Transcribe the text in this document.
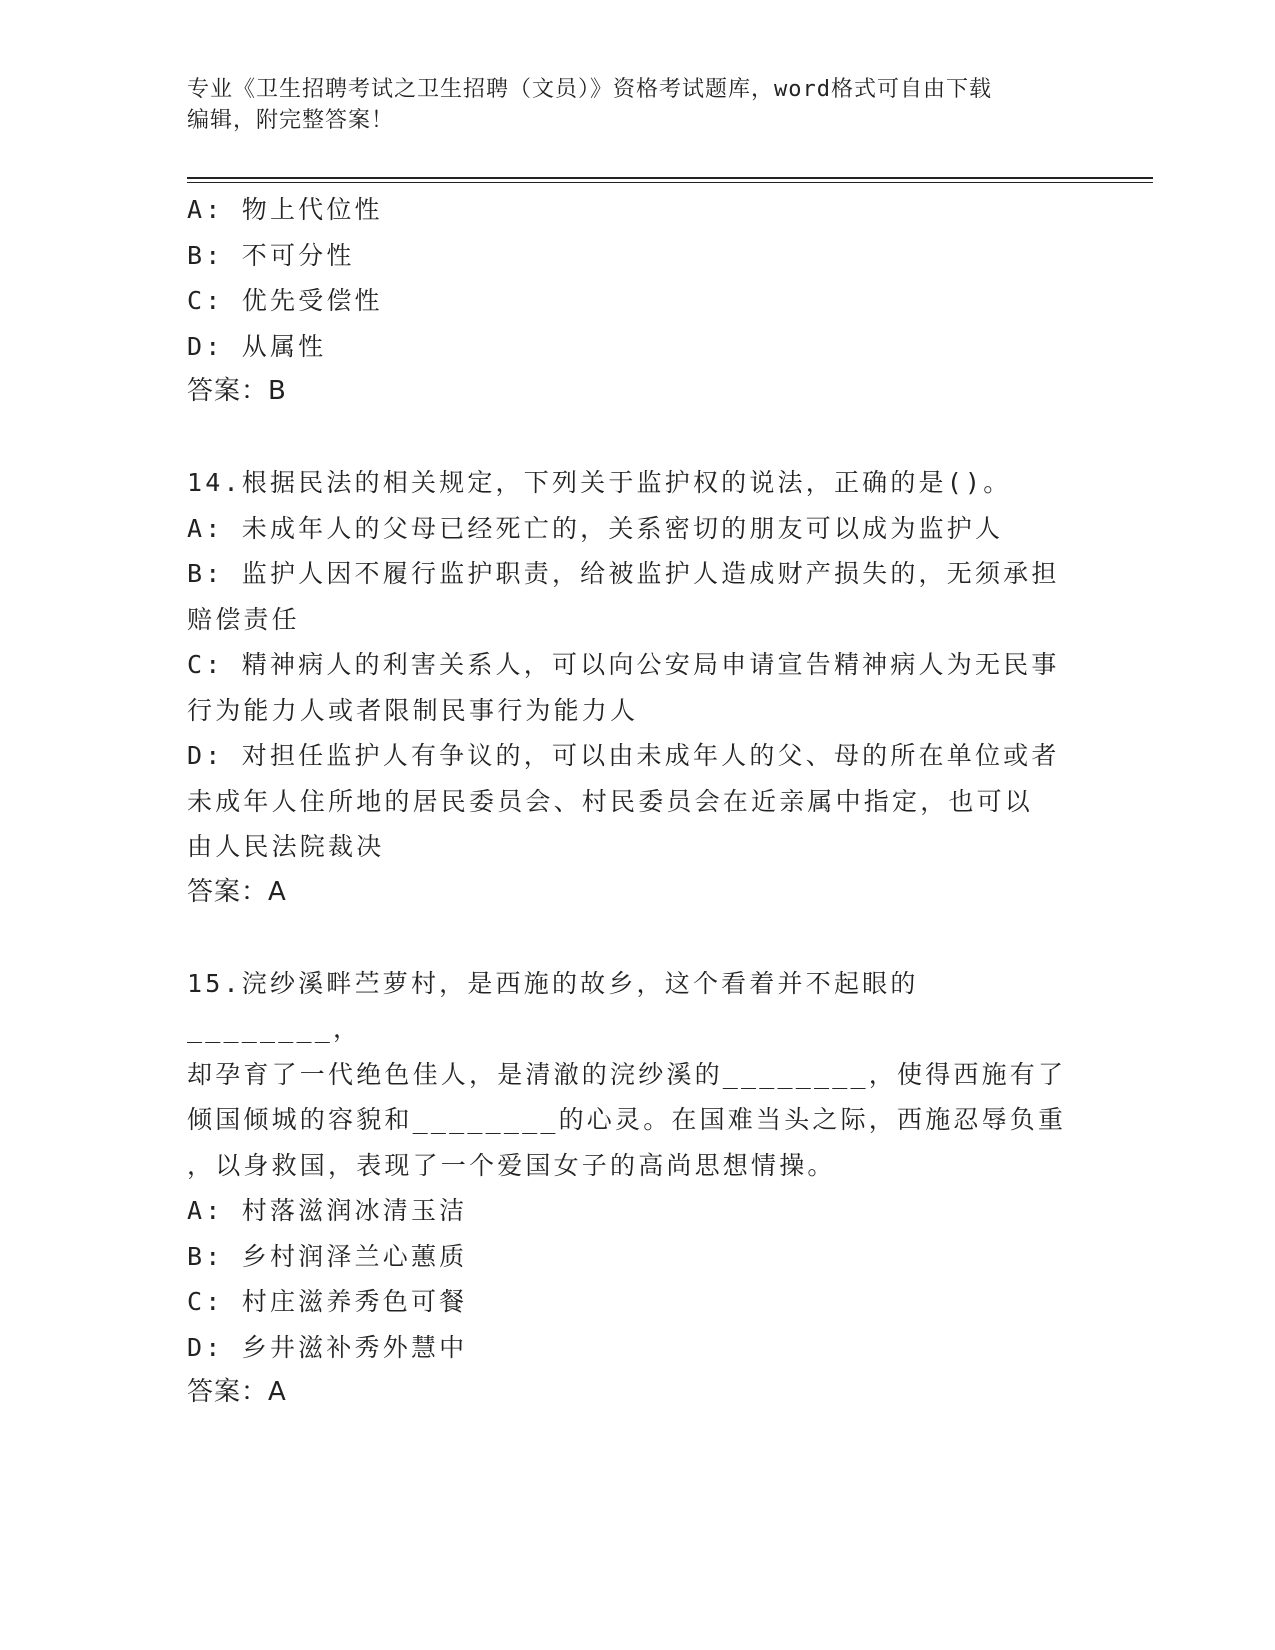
专业《卫生招聘考试之卫生招聘（文员）》资格考试题库，word格式可自由下载
编辑，附完整答案！
A: 物上代位性
B: 不可分性
C: 优先受偿性
D: 从属性
答案：B
14.根据民法的相关规定，下列关于监护权的说法，正确的是()。
A: 未成年人的父母已经死亡的，关系密切的朋友可以成为监护人
B: 监护人因不履行监护职责，给被监护人造成财产损失的，无须承担
赔偿责任
C: 精神病人的利害关系人，可以向公安局申请宣告精神病人为无民事
行为能力人或者限制民事行为能力人
D: 对担任监护人有争议的，可以由未成年人的父、母的所在单位或者
未成年人住所地的居民委员会、村民委员会在近亲属中指定，也可以
由人民法院裁决
答案：A
15.浣纱溪畔苎萝村，是西施的故乡，这个看着并不起眼的________，
却孕育了一代绝色佳人，是清澈的浣纱溪的________，使得西施有了
倾国倾城的容貌和________的心灵。在国难当头之际，西施忍辱负重
，以身救国，表现了一个爱国女子的高尚思想情操。
A: 村落滋润冰清玉洁
B: 乡村润泽兰心蕙质
C: 村庄滋养秀色可餐
D: 乡井滋补秀外慧中
答案：A
